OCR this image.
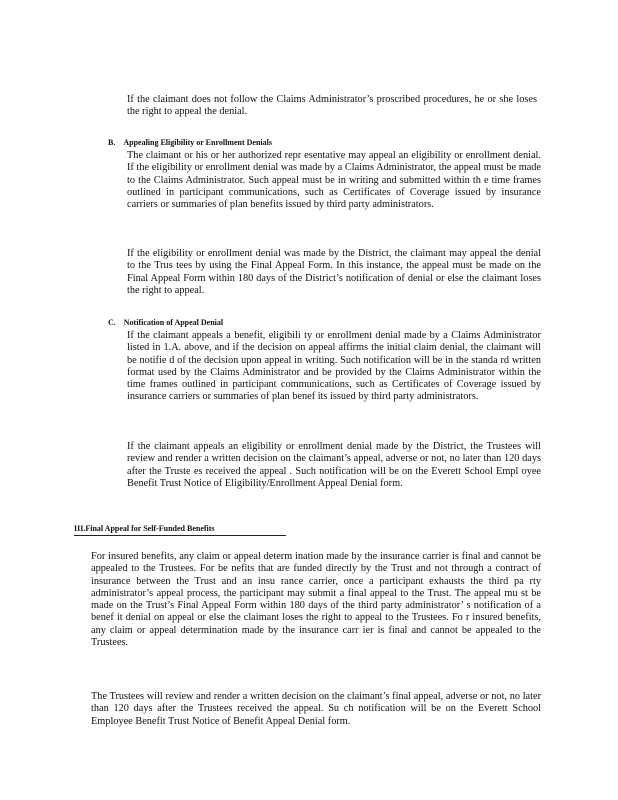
If the claimant does not follow the Claims Administrator’s proscribed procedures, he or she loses the right to appeal the denial.

B. Appealing Eligibility or Enrollment Denials

The claimant or his or her authorized repr esentative may appeal an eligibility or enrollment denial. If the eligibility or enrollment denial was made by a Claims Administrator, the appeal must be made to the Claims Administrator. Such appeal must be in writing and submitted within th e time frames outlined in participant communications, such as Certificates of Coverage issued by insurance carriers or summaries of plan benefits issued by third party administrators.

If the eligibility or enrollment denial was made by the District, the claimant may appeal the denial to the Trus tees by using the Final Appeal Form. In this instance, the appeal must be made on the Final Appeal Form within 180 days of the District’s notification of denial or else the claimant loses the right to appeal.

C. Notification of Appeal Denial

If the claimant appeals a benefit, eligibili ty or enrollment denial made by a Claims Administrator listed in 1.A. above, and if the decision on appeal affirms the initial claim denial, the claimant will be notifie d of the decision upon appeal in writing. Such notification will be in the standa rd written format used by the Claims Administrator and be provided by the Claims Administrator within the time frames outlined in participant communications, such as Certificates of Coverage issued by insurance carriers or summaries of plan benef its issued by third party administrators.

If the claimant appeals an eligibility or enrollment denial made by the District, the Trustees will review and render a written decision on the claimant’s appeal, adverse or not, no later than 120 days after the Truste es received the appeal . Such notification will be on the Everett School Empl oyee Benefit Trust Notice of Eligibility/Enrollment Appeal Denial form.

III.Final Appeal for Self-Funded Benefits

For insured benefits, any claim or appeal determ ination made by the insurance carrier is final and cannot be appealed to the Trustees. For be nefits that are funded directly by the Trust and not through a contract of insurance between the Trust and an insu rance carrier, once a participant exhausts the third pa rty administrator’s appeal process, the participant may submit a final appeal to the Trust. The appeal mu st be made on the Trust’s Final Appeal Form within 180 days of the third party administrator’ s notification of a benef it denial on appeal or else the claimant loses the right to appeal to the Trustees. Fo r insured benefits, any claim or appeal determination made by the insurance carr ier is final and cannot be appealed to the Trustees.

The Trustees will review and render a written decision on the claimant’s final appeal, adverse or not, no later than 120 days after the Trustees received the appeal. Su ch notification will be on the Everett School Employee Benefit Trust Notice of Benefit Appeal Denial form.
